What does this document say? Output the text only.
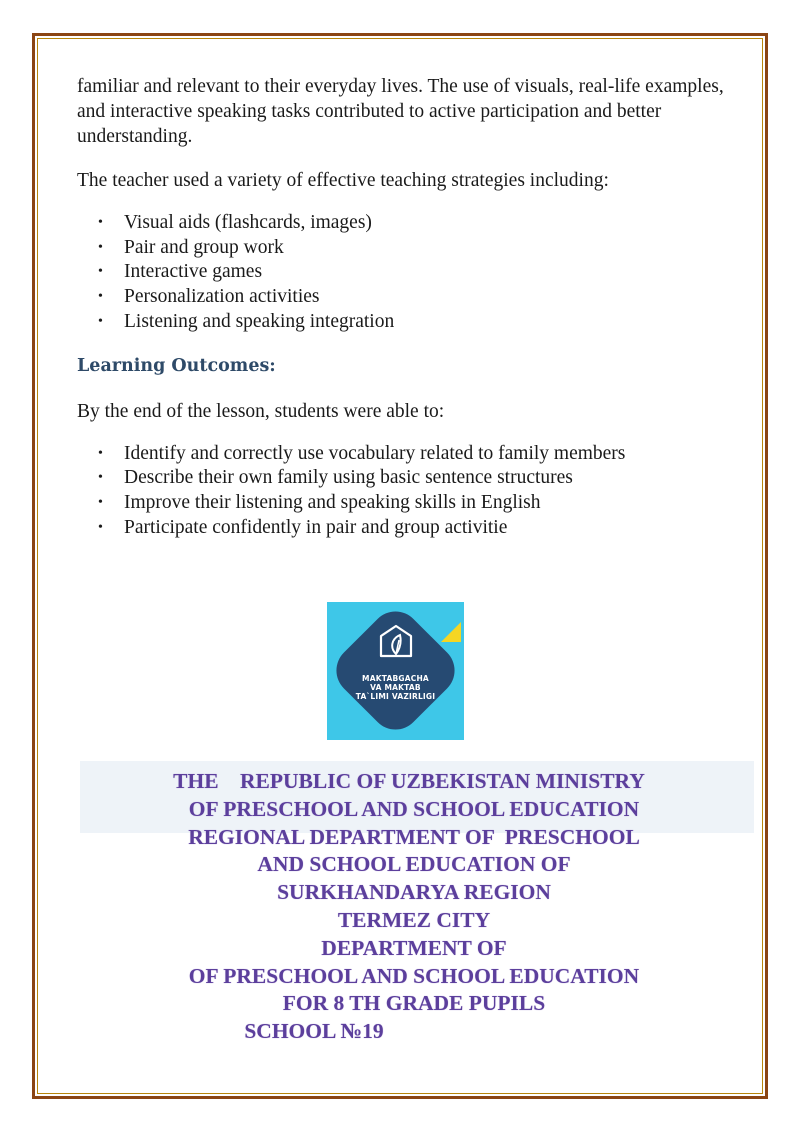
familiar and relevant to their everyday lives. The use of visuals, real-life examples, and interactive speaking tasks contributed to active participation and better understanding.

The teacher used a variety of effective teaching strategies including:

• Visual aids (flashcards, images)
• Pair and group work
• Interactive games
• Personalization activities
• Listening and speaking integration
Learning Outcomes:

By the end of the lesson, students were able to:

• Identify and correctly use vocabulary related to family members
• Describe their own family using basic sentence structures
• Improve their listening and speaking skills in English
• Participate confidently in pair and group activitie
MAKTABGACHA
VA MAKTAB
TA`LIMI VAZIRLIGI
THE    REPUBLIC OF UZBEKISTAN MINISTRY
OF PRESCHOOL AND SCHOOL EDUCATION
REGIONAL DEPARTMENT OF  PRESCHOOL
AND SCHOOL EDUCATION OF
SURKHANDARYA REGION
TERMEZ CITY
DEPARTMENT OF
OF PRESCHOOL AND SCHOOL EDUCATION
FOR 8 TH GRADE PUPILS
SCHOOL №19
